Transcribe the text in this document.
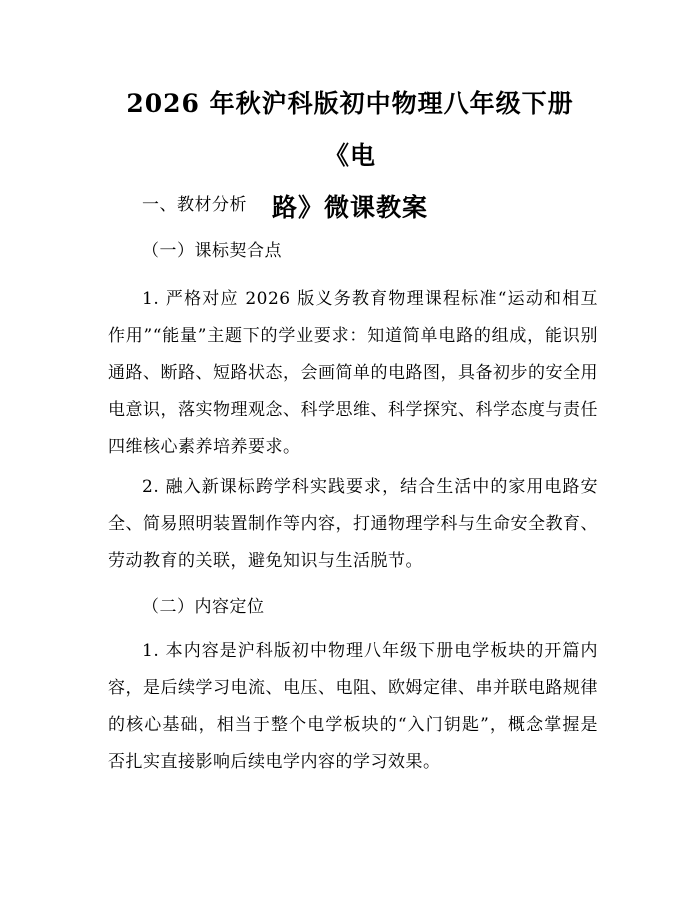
2026 年秋沪科版初中物理八年级下册《电
路》微课教案

一、教材分析

（一）课标契合点

1. 严格对应 2026 版义务教育物理课程标准“运动和相互作用”“能量”主题下的学业要求：知道简单电路的组成，能识别通路、断路、短路状态，会画简单的电路图，具备初步的安全用电意识，落实物理观念、科学思维、科学探究、科学态度与责任四维核心素养培养要求。

2. 融入新课标跨学科实践要求，结合生活中的家用电路安全、简易照明装置制作等内容，打通物理学科与生命安全教育、劳动教育的关联，避免知识与生活脱节。

（二）内容定位

1. 本内容是沪科版初中物理八年级下册电学板块的开篇内容，是后续学习电流、电压、电阻、欧姆定律、串并联电路规律的核心基础，相当于整个电学板块的“入门钥匙”，概念掌握是否扎实直接影响后续电学内容的学习效果。
